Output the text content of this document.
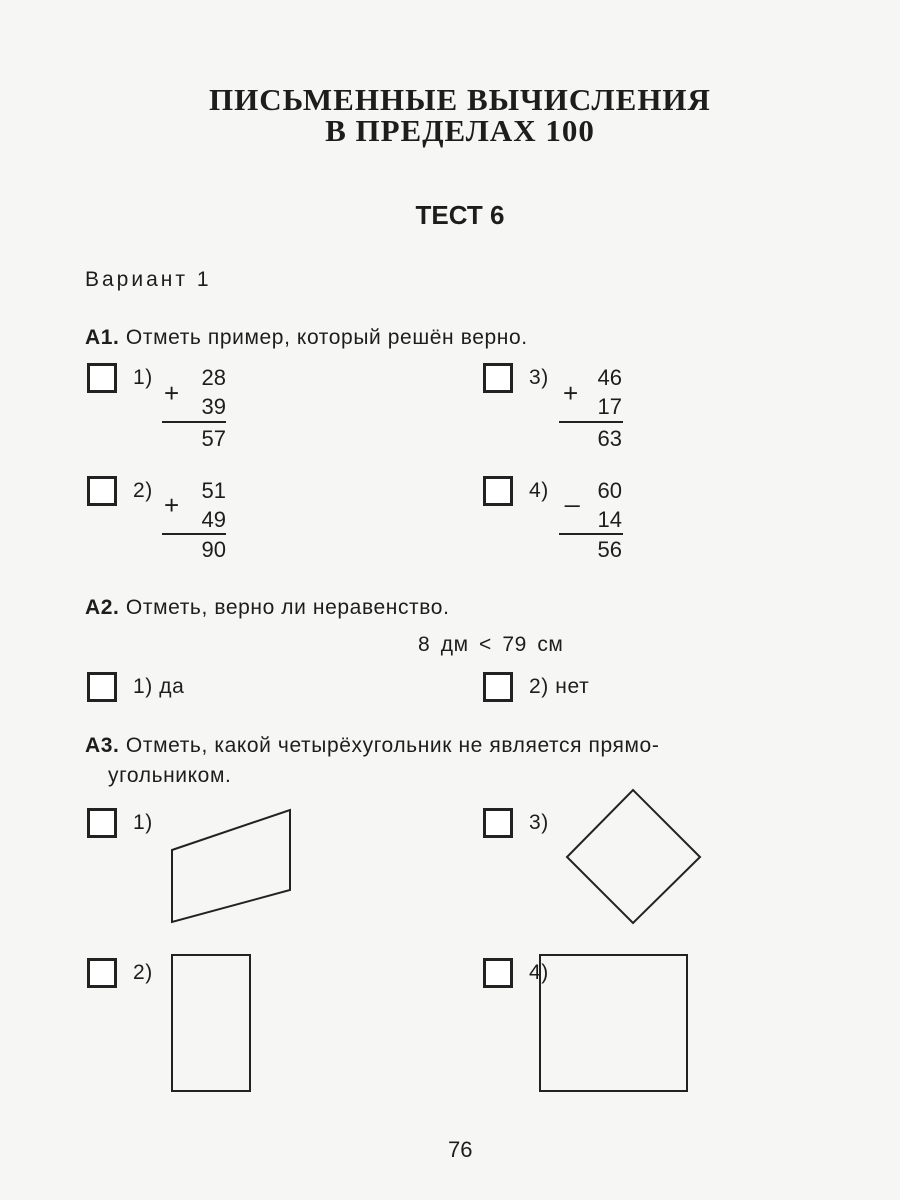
ПИСЬМЕННЫЕ ВЫЧИСЛЕНИЯ
В ПРЕДЕЛАХ 100
ТЕСТ 6
Вариант 1
А1. Отметь пример, который решён верно.
1)
+
28
39
57
3)
+
46
17
63
2) +	51
49
90
4) _ 60
14
56
А2. Отметь, верно ли неравенство.
8 дм < 79 см
1) да	2) нет
А3. Отметь, какой четырёхугольник не является прямо-
угольником.
1)	3)
2)	4)
76
